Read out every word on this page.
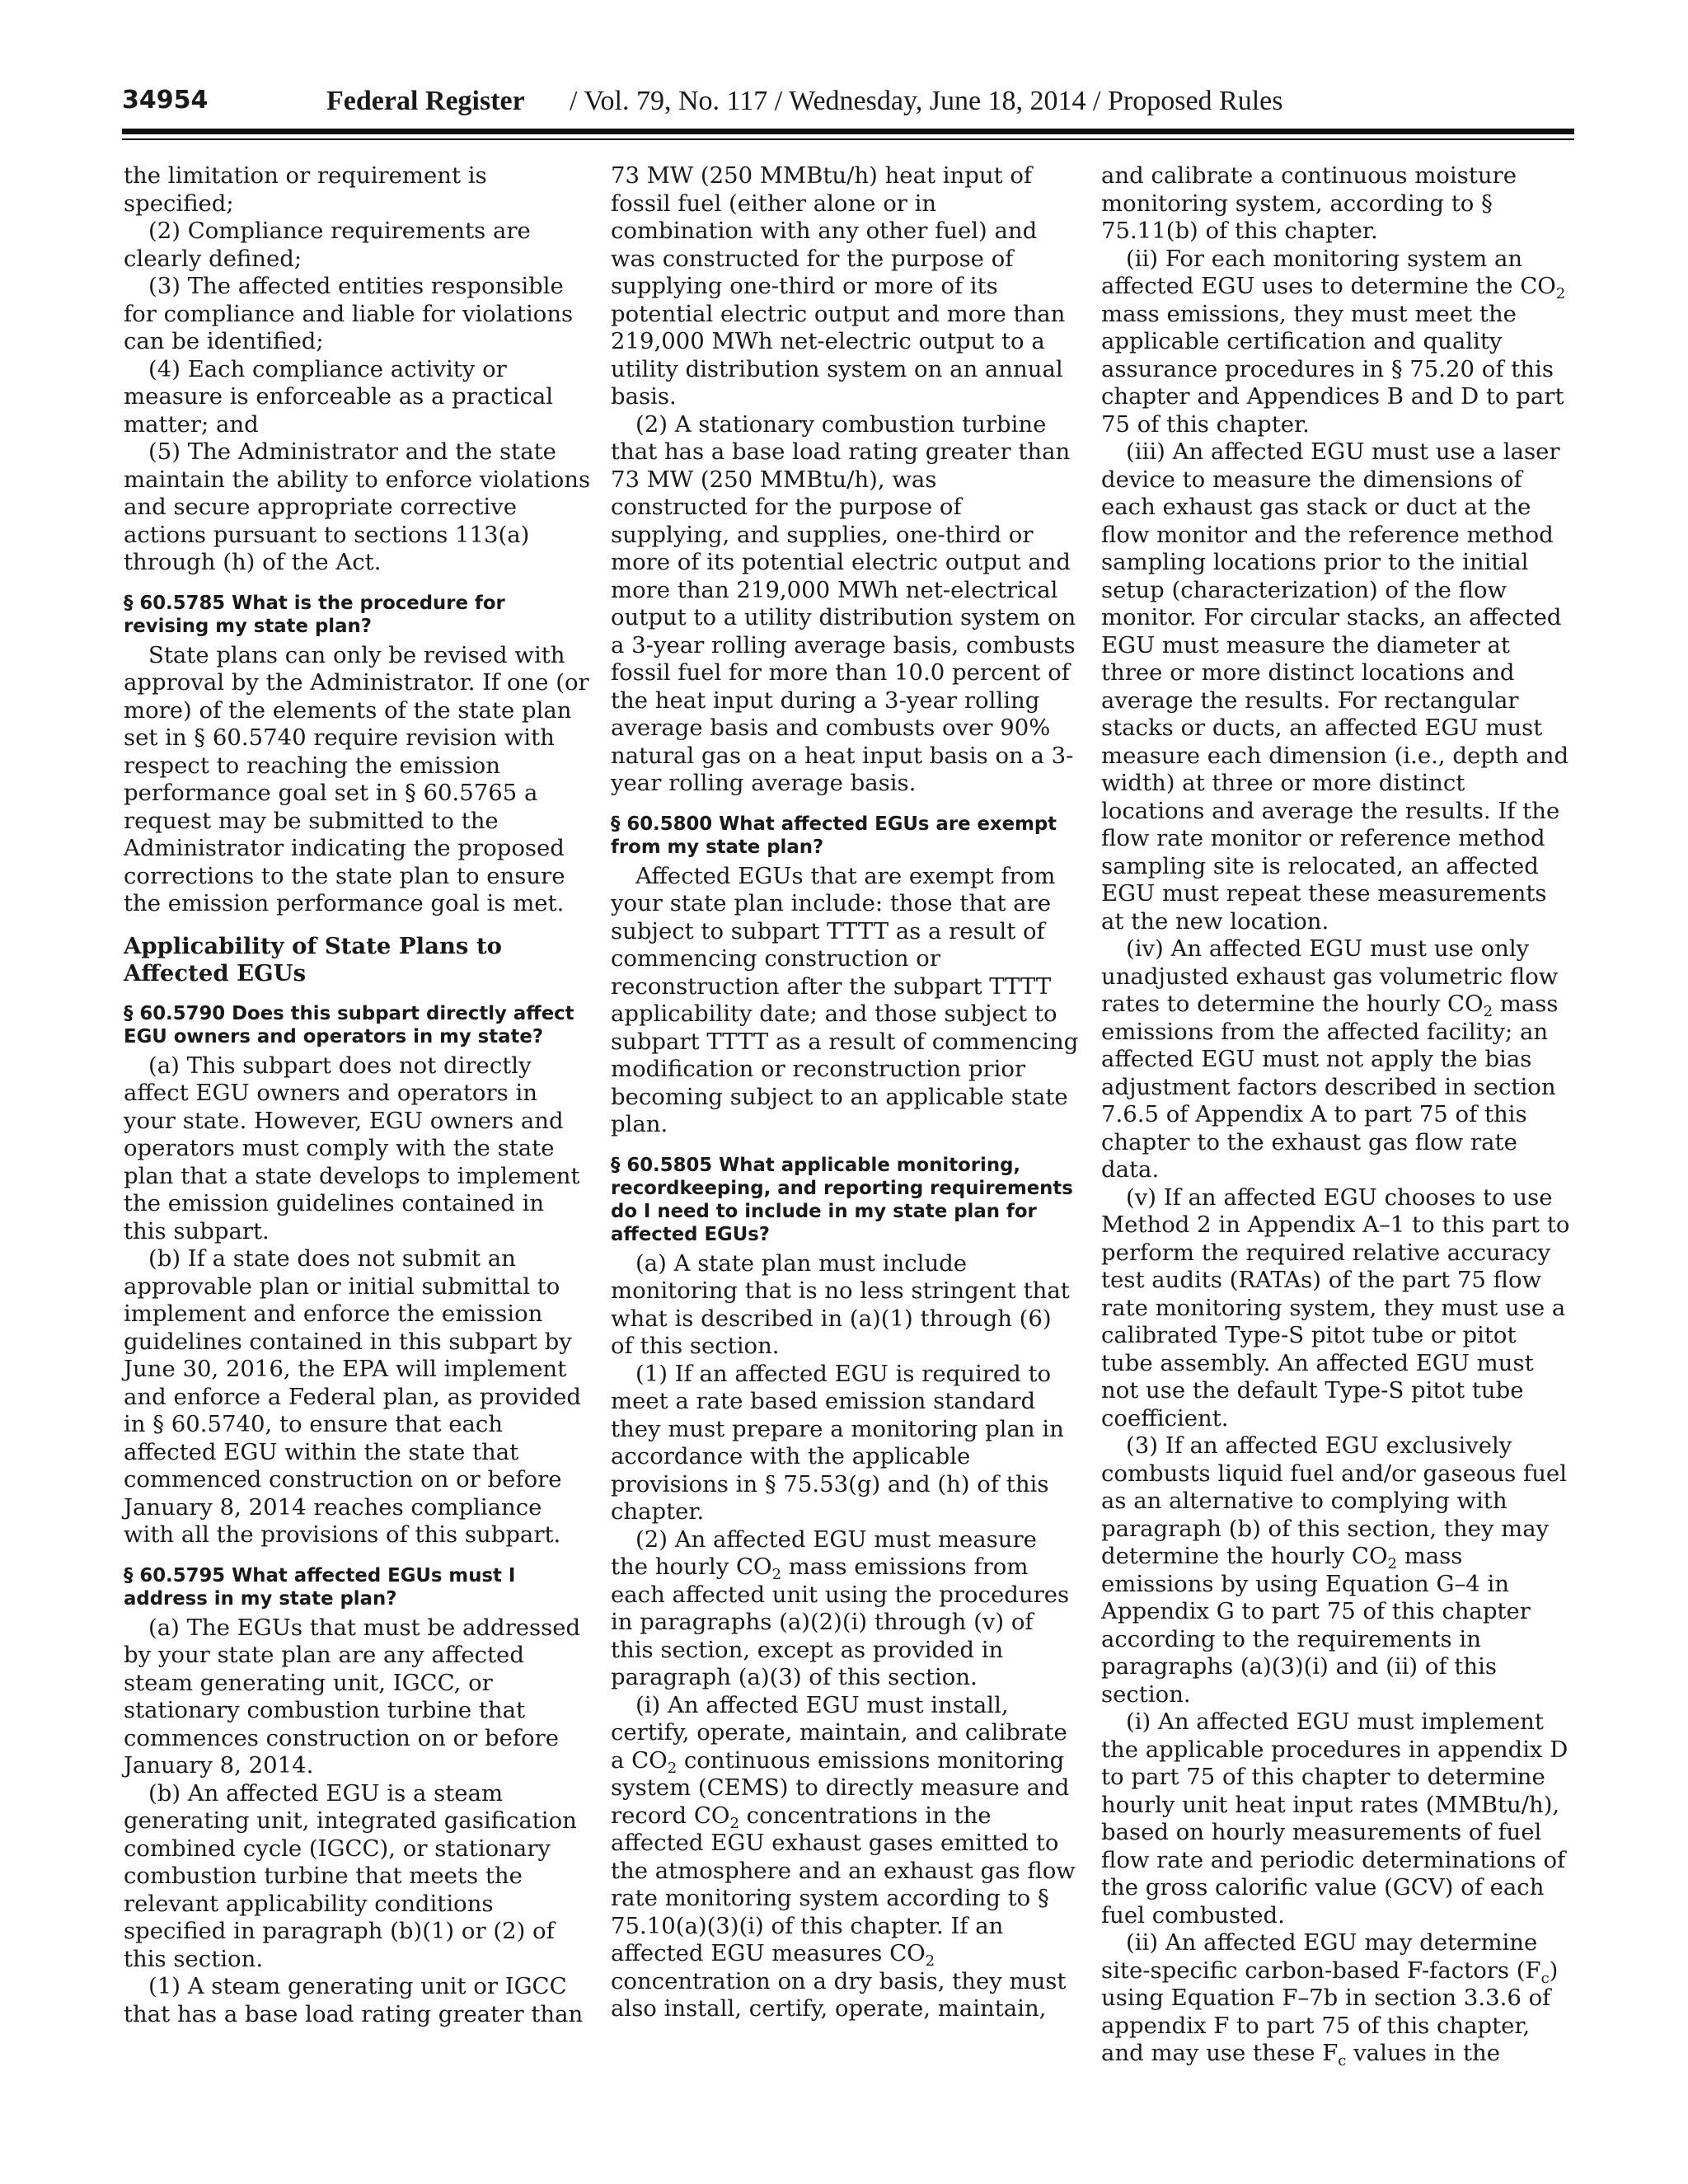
34954	Federal Register / Vol. 79, No. 117 / Wednesday, June 18, 2014 / Proposed Rules

the limitation or requirement is specified;

(2) Compliance requirements are clearly defined;

(3) The affected entities responsible for compliance and liable for violations can be identified;

(4) Each compliance activity or measure is enforceable as a practical matter; and

(5) The Administrator and the state maintain the ability to enforce violations and secure appropriate corrective actions pursuant to sections 113(a) through (h) of the Act.

§ 60.5785 What is the procedure for revising my state plan?

State plans can only be revised with approval by the Administrator. If one (or more) of the elements of the state plan set in § 60.5740 require revision with respect to reaching the emission performance goal set in § 60.5765 a request may be submitted to the Administrator indicating the proposed corrections to the state plan to ensure the emission performance goal is met.

Applicability of State Plans to Affected EGUs
§ 60.5790 Does this subpart directly affect EGU owners and operators in my state?

(a) This subpart does not directly affect EGU owners and operators in your state. However, EGU owners and operators must comply with the state plan that a state develops to implement the emission guidelines contained in this subpart.

(b) If a state does not submit an approvable plan or initial submittal to implement and enforce the emission guidelines contained in this subpart by June 30, 2016, the EPA will implement and enforce a Federal plan, as provided in § 60.5740, to ensure that each affected EGU within the state that commenced construction on or before January 8, 2014 reaches compliance with all the provisions of this subpart.

§ 60.5795 What affected EGUs must I address in my state plan?

(a) The EGUs that must be addressed by your state plan are any affected steam generating unit, IGCC, or stationary combustion turbine that commences construction on or before January 8, 2014.

(b) An affected EGU is a steam generating unit, integrated gasification combined cycle (IGCC), or stationary combustion turbine that meets the relevant applicability conditions specified in paragraph (b)(1) or (2) of this section.

(1) A steam generating unit or IGCC that has a base load rating greater than

73 MW (250 MMBtu/h) heat input of fossil fuel (either alone or in combination with any other fuel) and was constructed for the purpose of supplying one-third or more of its potential electric output and more than 219,000 MWh net-electric output to a utility distribution system on an annual basis.

(2) A stationary combustion turbine that has a base load rating greater than 73 MW (250 MMBtu/h), was constructed for the purpose of supplying, and supplies, one-third or more of its potential electric output and more than 219,000 MWh net-electrical output to a utility distribution system on a 3-year rolling average basis, combusts fossil fuel for more than 10.0 percent of the heat input during a 3-year rolling average basis and combusts over 90% natural gas on a heat input basis on a 3-year rolling average basis.

§ 60.5800 What affected EGUs are exempt from my state plan?

Affected EGUs that are exempt from your state plan include: those that are subject to subpart TTTT as a result of commencing construction or reconstruction after the subpart TTTT applicability date; and those subject to subpart TTTT as a result of commencing modification or reconstruction prior becoming subject to an applicable state plan.

§ 60.5805 What applicable monitoring, recordkeeping, and reporting requirements do I need to include in my state plan for affected EGUs?

(a) A state plan must include monitoring that is no less stringent that what is described in (a)(1) through (6) of this section.

(1) If an affected EGU is required to meet a rate based emission standard they must prepare a monitoring plan in accordance with the applicable provisions in § 75.53(g) and (h) of this chapter.

(2) An affected EGU must measure the hourly $CO_2$ mass emissions from each affected unit using the procedures in paragraphs (a)(2)(i) through (v) of this section, except as provided in paragraph (a)(3) of this section.

(i) An affected EGU must install, certify, operate, maintain, and calibrate a $CO_2$ continuous emissions monitoring system (CEMS) to directly measure and record $CO_2$ concentrations in the affected EGU exhaust gases emitted to the atmosphere and an exhaust gas flow rate monitoring system according to § 75.10(a)(3)(i) of this chapter. If an affected EGU measures $CO_2$ concentration on a dry basis, they must also install, certify, operate, maintain,

and calibrate a continuous moisture monitoring system, according to § 75.11(b) of this chapter.

(ii) For each monitoring system an affected EGU uses to determine the $CO_2$ mass emissions, they must meet the applicable certification and quality assurance procedures in § 75.20 of this chapter and Appendices B and D to part 75 of this chapter.

(iii) An affected EGU must use a laser device to measure the dimensions of each exhaust gas stack or duct at the flow monitor and the reference method sampling locations prior to the initial setup (characterization) of the flow monitor. For circular stacks, an affected EGU must measure the diameter at three or more distinct locations and average the results. For rectangular stacks or ducts, an affected EGU must measure each dimension (i.e., depth and width) at three or more distinct locations and average the results. If the flow rate monitor or reference method sampling site is relocated, an affected EGU must repeat these measurements at the new location.

(iv) An affected EGU must use only unadjusted exhaust gas volumetric flow rates to determine the hourly $CO_2$ mass emissions from the affected facility; an affected EGU must not apply the bias adjustment factors described in section 7.6.5 of Appendix A to part 75 of this chapter to the exhaust gas flow rate data.

(v) If an affected EGU chooses to use Method 2 in Appendix A–1 to this part to perform the required relative accuracy test audits (RATAs) of the part 75 flow rate monitoring system, they must use a calibrated Type-S pitot tube or pitot tube assembly. An affected EGU must not use the default Type-S pitot tube coefficient.

(3) If an affected EGU exclusively combusts liquid fuel and/or gaseous fuel as an alternative to complying with paragraph (b) of this section, they may determine the hourly $CO_2$ mass emissions by using Equation G–4 in Appendix G to part 75 of this chapter according to the requirements in paragraphs (a)(3)(i) and (ii) of this section.

(i) An affected EGU must implement the applicable procedures in appendix D to part 75 of this chapter to determine hourly unit heat input rates (MMBtu/h), based on hourly measurements of fuel flow rate and periodic determinations of the gross calorific value (GCV) of each fuel combusted.

(ii) An affected EGU may determine site-specific carbon-based F-factors $(F_c)$ using Equation F–7b in section 3.3.6 of appendix F to part 75 of this chapter, and may use these $F_c$ values in the
